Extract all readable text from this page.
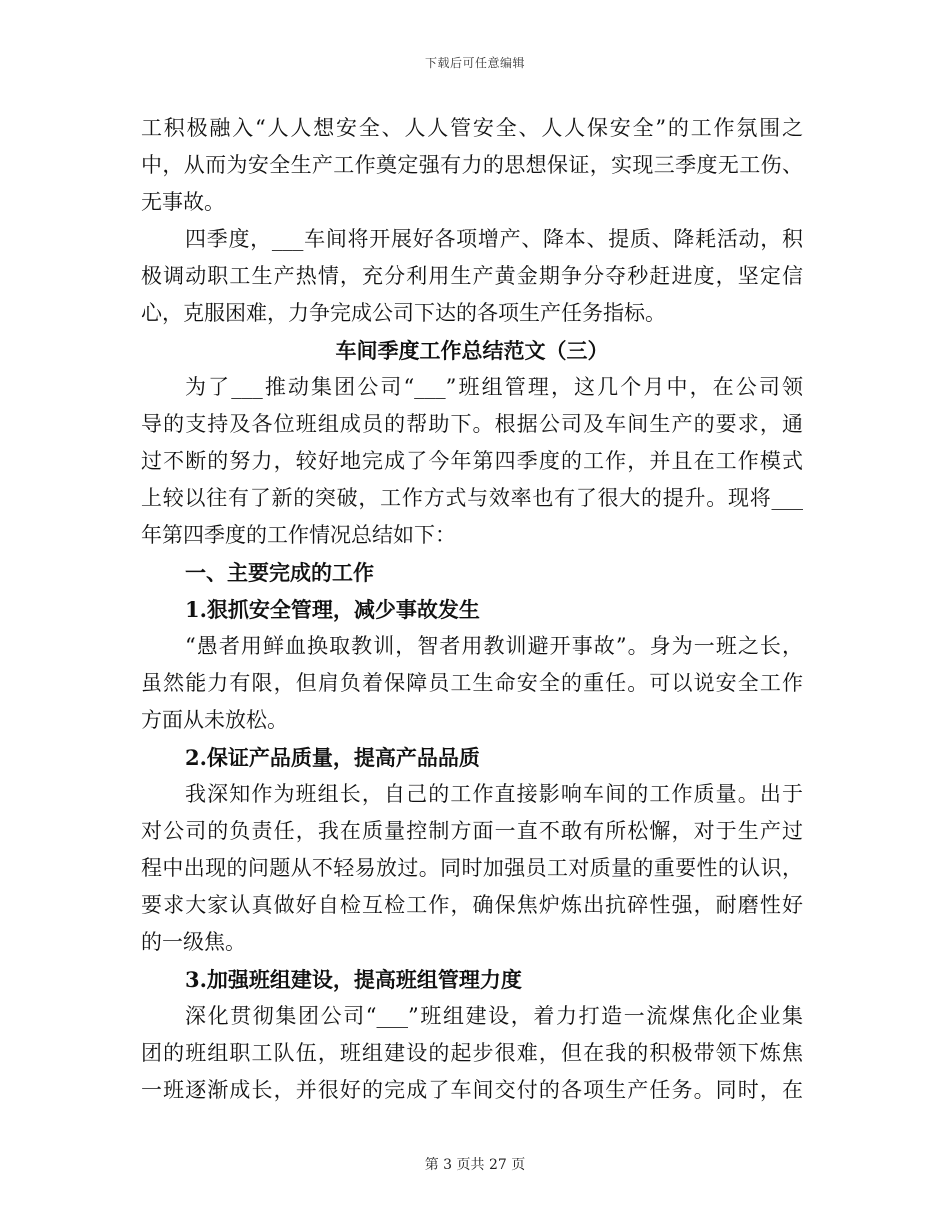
下载后可任意编辑
工积极融入“人人想安全、人人管安全、人人保安全”的工作氛围之
中，从而为安全生产工作奠定强有力的思想保证，实现三季度无工伤、
无事故。
四季度，___车间将开展好各项增产、降本、提质、降耗活动，积
极调动职工生产热情，充分利用生产黄金期争分夺秒赶进度，坚定信
心，克服困难，力争完成公司下达的各项生产任务指标。
车间季度工作总结范文（三）
为了___推动集团公司“___”班组管理，这几个月中，在公司领
导的支持及各位班组成员的帮助下。根据公司及车间生产的要求，通
过不断的努力，较好地完成了今年第四季度的工作，并且在工作模式
上较以往有了新的突破，工作方式与效率也有了很大的提升。现将___
年第四季度的工作情况总结如下：
一、主要完成的工作
1.狠抓安全管理，减少事故发生
“愚者用鲜血换取教训，智者用教训避开事故”。身为一班之长，
虽然能力有限，但肩负着保障员工生命安全的重任。可以说安全工作
方面从未放松。
2.保证产品质量，提高产品品质
我深知作为班组长，自己的工作直接影响车间的工作质量。出于
对公司的负责任，我在质量控制方面一直不敢有所松懈，对于生产过
程中出现的问题从不轻易放过。同时加强员工对质量的重要性的认识，
要求大家认真做好自检互检工作，确保焦炉炼出抗碎性强，耐磨性好
的一级焦。
3.加强班组建设，提高班组管理力度
深化贯彻集团公司“___”班组建设，着力打造一流煤焦化企业集
团的班组职工队伍，班组建设的起步很难，但在我的积极带领下炼焦
一班逐渐成长，并很好的完成了车间交付的各项生产任务。同时，在
第 3 页共 27 页
